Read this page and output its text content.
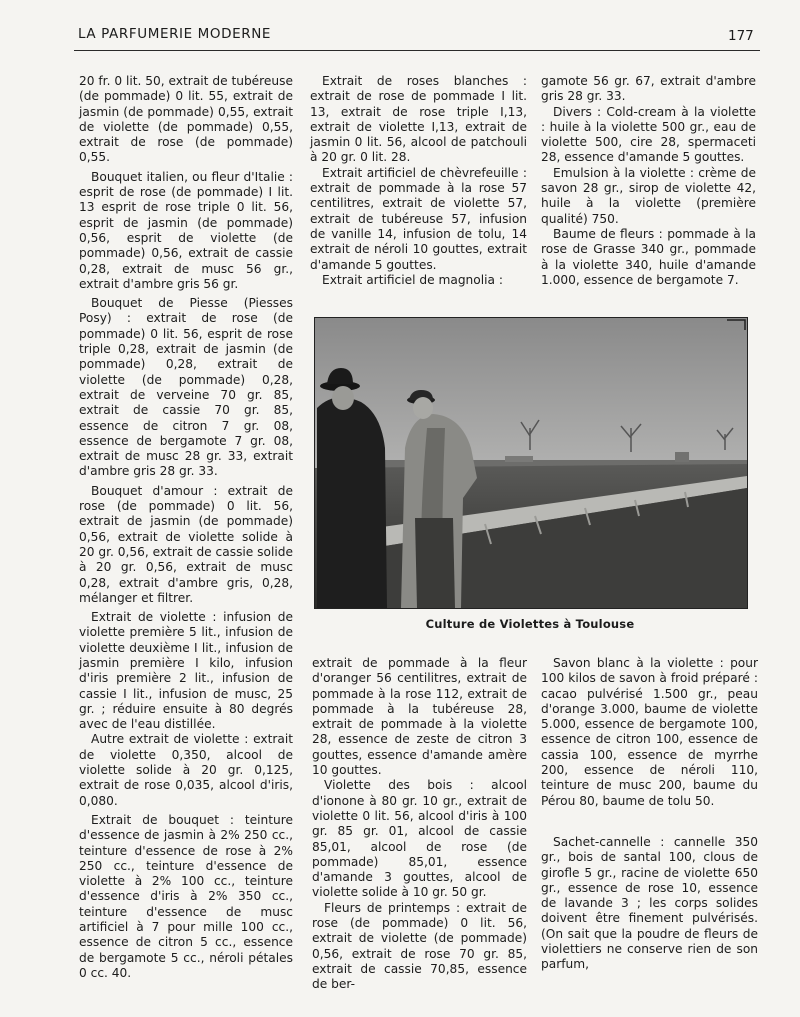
LA PARFUMERIE MODERNE	177

20 fr. 0 lit. 50, extrait de tubéreuse (de pommade) 0 lit. 55, extrait de jasmin (de pommade) 0,55, extrait de violette (de pommade) 0,55, extrait de rose (de pommade) 0,55.

Bouquet italien, ou fleur d'Italie : esprit de rose (de pommade) I lit. 13 esprit de rose triple 0 lit. 56, esprit de jasmin (de pommade) 0,56, esprit de violette (de pommade) 0,56, extrait de cassie 0,28, extrait de musc 56 gr., extrait d'ambre gris 56 gr.

Bouquet de Piesse (Piesses Posy) : extrait de rose (de pommade) 0 lit. 56, esprit de rose triple 0,28, extrait de jasmin (de pommade) 0,28, extrait de violette (de pommade) 0,28, extrait de verveine 70 gr. 85, extrait de cassie 70 gr. 85, essence de citron 7 gr. 08, essence de bergamote 7 gr. 08, extrait de musc 28 gr. 33, extrait d'ambre gris 28 gr. 33.

Bouquet d'amour : extrait de rose (de pommade) 0 lit. 56, extrait de jasmin (de pommade) 0,56, extrait de violette solide à 20 gr. 0,56, extrait de cassie solide à 20 gr. 0,56, extrait de musc 0,28, extrait d'ambre gris, 0,28, mélanger et filtrer.

Extrait de violette : infusion de violette première 5 lit., infusion de violette deuxième I lit., infusion de jasmin première I kilo, infusion d'iris première 2 lit., infusion de cassie I lit., infusion de musc, 25 gr. ; réduire ensuite à 80 degrés avec de l'eau distillée.

Autre extrait de violette : extrait de violette 0,350, alcool de violette solide à 20 gr. 0,125, extrait de rose 0,035, alcool d'iris, 0,080.

Extrait de bouquet : teinture d'essence de jasmin à 2% 250 cc., teinture d'essence de rose à 2% 250 cc., teinture d'essence de violette à 2% 100 cc., teinture d'essence d'iris à 2% 350 cc., teinture d'essence de musc artificiel à 7 pour mille 100 cc., essence de citron 5 cc., essence de bergamote 5 cc., néroli pétales 0 cc. 40.

Extrait de roses blanches : extrait de rose de pommade I lit. 13, extrait de rose triple I,13, extrait de violette I,13, extrait de jasmin 0 lit. 56, alcool de patchouli à 20 gr. 0 lit. 28.

Extrait artificiel de chèvrefeuille : extrait de pommade à la rose 57 centilitres, extrait de violette 57, extrait de tubéreuse 57, infusion de vanille 14, infusion de tolu, 14 extrait de néroli 10 gouttes, extrait d'amande 5 gouttes.

Extrait artificiel de magnolia :

gamote 56 gr. 67, extrait d'ambre gris 28 gr. 33.

Divers : Cold-cream à la violette : huile à la violette 500 gr., eau de violette 500, cire 28, spermaceti 28, essence d'amande 5 gouttes.

Emulsion à la violette : crème de savon 28 gr., sirop de violette 42, huile à la violette (première qualité) 750.

Baume de fleurs : pommade à la rose de Grasse 340 gr., pommade à la violette 340, huile d'amande 1.000, essence de bergamote 7.

Culture de Violettes à Toulouse

extrait de pommade à la fleur d'oranger 56 centilitres, extrait de pommade à la rose 112, extrait de pommade à la tubéreuse 28, extrait de pommade à la violette 28, essence de zeste de citron 3 gouttes, essence d'amande amère 10 gouttes.

Violette des bois : alcool d'ionone à 80 gr. 10 gr., extrait de violette 0 lit. 56, alcool d'iris à 100 gr. 85 gr. 01, alcool de cassie 85,01, alcool de rose (de pommade) 85,01, essence d'amande 3 gouttes, alcool de violette solide à 10 gr. 50 gr.

Fleurs de printemps : extrait de rose (de pommade) 0 lit. 56, extrait de violette (de pommade) 0,56, extrait de rose 70 gr. 85, extrait de cassie 70,85, essence de ber-

Savon blanc à la violette : pour 100 kilos de savon à froid préparé : cacao pulvérisé 1.500 gr., peau d'orange 3.000, baume de violette 5.000, essence de bergamote 100, essence de citron 100, essence de cassia 100, essence de myrrhe 200, essence de néroli 110, teinture de musc 200, baume du Pérou 80, baume de tolu 50.

Sachet-cannelle : cannelle 350 gr., bois de santal 100, clous de girofle 5 gr., racine de violette 650 gr., essence de rose 10, essence de lavande 3 ; les corps solides doivent être finement pulvérisés. (On sait que la poudre de fleurs de violettiers ne conserve rien de son parfum,
